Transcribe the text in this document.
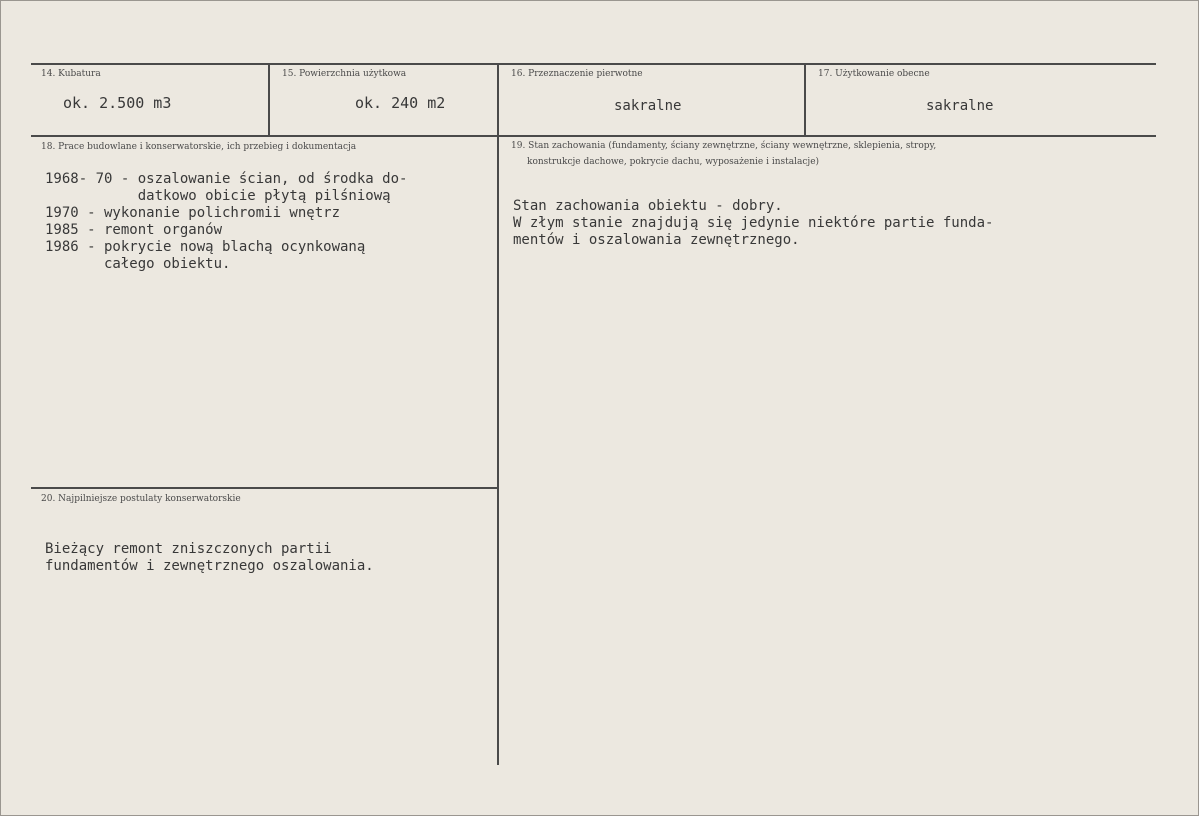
14. Kubatura
ok. 2.500 m3
15. Powierzchnia użytkowa
ok. 240 m2
16. Przeznaczenie pierwotne
sakralne
17. Użytkowanie obecne
sakralne
18. Prace budowlane i konserwatorskie, ich przebieg i dokumentacja
1968- 70 - oszalowanie ścian, od środka do-
datkowo obicie płytą pilśniową
1970 - wykonanie polichromii wnętrz
1985 - remont organów
1986 - pokrycie nową blachą ocynkowaną
całego obiektu.
19. Stan zachowania (fundamenty, ściany zewnętrzne, ściany wewnętrzne, sklepienia, stropy,
konstrukcje dachowe, pokrycie dachu, wyposażenie i instalacje)
Stan zachowania obiektu - dobry.
W złym stanie znajdują się jedynie niektóre partie funda-
mentów i oszalowania zewnętrznego.
20. Najpilniejsze postulaty konserwatorskie
Bieżący remont zniszczonych partii
fundamentów i zewnętrznego oszalowania.
